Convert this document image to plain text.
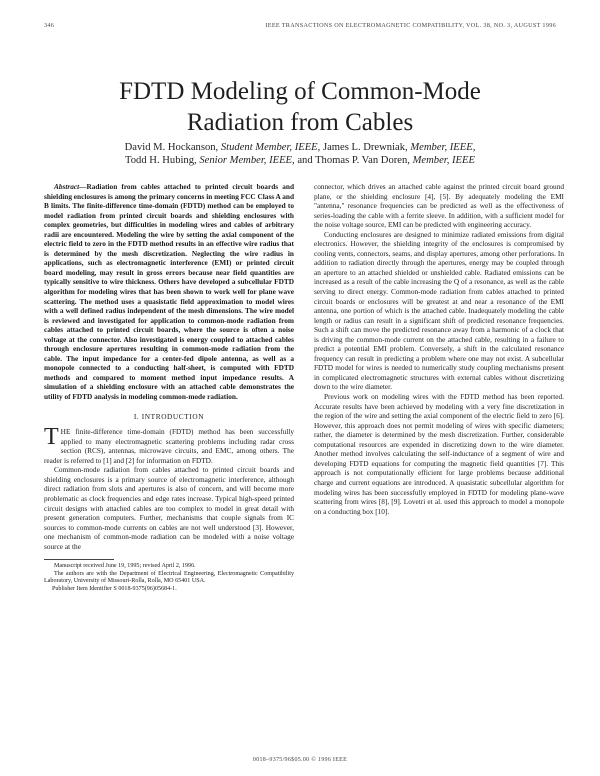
346	IEEE TRANSACTIONS ON ELECTROMAGNETIC COMPATIBILITY, VOL. 38, NO. 3, AUGUST 1996
FDTD Modeling of Common-Mode
Radiation from Cables
David M. Hockanson, Student Member, IEEE, James L. Drewniak, Member, IEEE,
Todd H. Hubing, Senior Member, IEEE, and Thomas P. Van Doren, Member, IEEE

Abstract—Radiation from cables attached to printed circuit boards and shielding enclosures is among the primary concerns in meeting FCC Class A and B limits. The finite-difference time-domain (FDTD) method can be employed to model radiation from printed circuit boards and shielding enclosures with complex geometries, but difficulties in modeling wires and cables of arbitrary radii are encountered. Modeling the wire by setting the axial component of the electric field to zero in the FDTD method results in an effective wire radius that is determined by the mesh discretization. Neglecting the wire radius in applications, such as electromagnetic interference (EMI) or printed circuit board modeling, may result in gross errors because near field quantities are typically sensitive to wire thickness. Others have developed a subcellular FDTD algorithm for modeling wires that has been shown to work well for plane wave scattering. The method uses a quasistatic field approximation to model wires with a well defined radius independent of the mesh dimensions. The wire model is reviewed and investigated for application to common-mode radiation from cables attached to printed circuit boards, where the source is often a noise voltage at the connector. Also investigated is energy coupled to attached cables through enclosure apertures resulting in common-mode radiation from the cable. The input impedance for a center-fed dipole antenna, as well as a monopole connected to a conducting half-sheet, is computed with FDTD methods and compared to moment method input impedance results. A simulation of a shielding enclosure with an attached cable demonstrates the utility of FDTD analysis in modeling common-mode radiation.

I. INTRODUCTION

THE finite-difference time-domain (FDTD) method has been successfully applied to many electromagnetic scattering problems including radar cross section (RCS), antennas, microwave circuits, and EMC, among others. The reader is referred to [1] and [2] for information on FDTD.

Common-mode radiation from cables attached to printed circuit boards and shielding enclosures is a primary source of electromagnetic interference, although direct radiation from slots and apertures is also of concern, and will become more problematic as clock frequencies and edge rates increase. Typical high-speed printed circuit designs with attached cables are too complex to model in great detail with present generation computers. Further, mechanisms that couple signals from IC sources to common-mode currents on cables are not well understood [3]. However, one mechanism of common-mode radiation can be modeled with a noise voltage source at the

Manuscript received June 19, 1995; revised April 2, 1996.

The authors are with the Department of Electrical Engineering, Electromagnetic Compatibility Laboratory, University of Missouri-Rolla, Rolla, MO 65401 USA.

Publisher Item Identifier S 0018-9375(96)05684-1.

connector, which drives an attached cable against the printed circuit board ground plane, or the shielding enclosure [4], [5]. By adequately modeling the EMI "antenna," resonance frequencies can be predicted as well as the effectiveness of series-loading the cable with a ferrite sleeve. In addition, with a sufficient model for the noise voltage source, EMI can be predicted with engineering accuracy.

Conducting enclosures are designed to minimize radiated emissions from digital electronics. However, the shielding integrity of the enclosures is compromised by cooling vents, connectors, seams, and display apertures, among other perforations. In addition to radiation directly through the apertures, energy may be coupled through an aperture to an attached shielded or unshielded cable. Radiated emissions can be increased as a result of the cable increasing the Q of a resonance, as well as the cable serving to direct energy. Common-mode radiation from cables attached to printed circuit boards or enclosures will be greatest at and near a resonance of the EMI antenna, one portion of which is the attached cable. Inadequately modeling the cable length or radius can result in a significant shift of predicted resonance frequencies. Such a shift can move the predicted resonance away from a harmonic of a clock that is driving the common-mode current on the attached cable, resulting in a failure to predict a potential EMI problem. Conversely, a shift in the calculated resonance frequency can result in predicting a problem where one may not exist. A subcellular FDTD model for wires is needed to numerically study coupling mechanisms present in complicated electromagnetic structures with external cables without discretizing down to the wire diameter.

Previous work on modeling wires with the FDTD method has been reported. Accurate results have been achieved by modeling with a very fine discretization in the region of the wire and setting the axial component of the electric field to zero [6]. However, this approach does not permit modeling of wires with specific diameters; rather, the diameter is determined by the mesh discretization. Further, considerable computational resources are expended in discretizing down to the wire diameter. Another method involves calculating the self-inductance of a segment of wire and developing FDTD equations for computing the magnetic field quantities [7]. This approach is not computationally efficient for large problems because additional charge and current equations are introduced. A quasistatic subcellular algorithm for modeling wires has been successfully employed in FDTD for modeling plane-wave scattering from wires [8], [9]. Lovetri et al. used this approach to model a monopole on a conducting box [10].

0018–9375/96$05.00 © 1996 IEEE
